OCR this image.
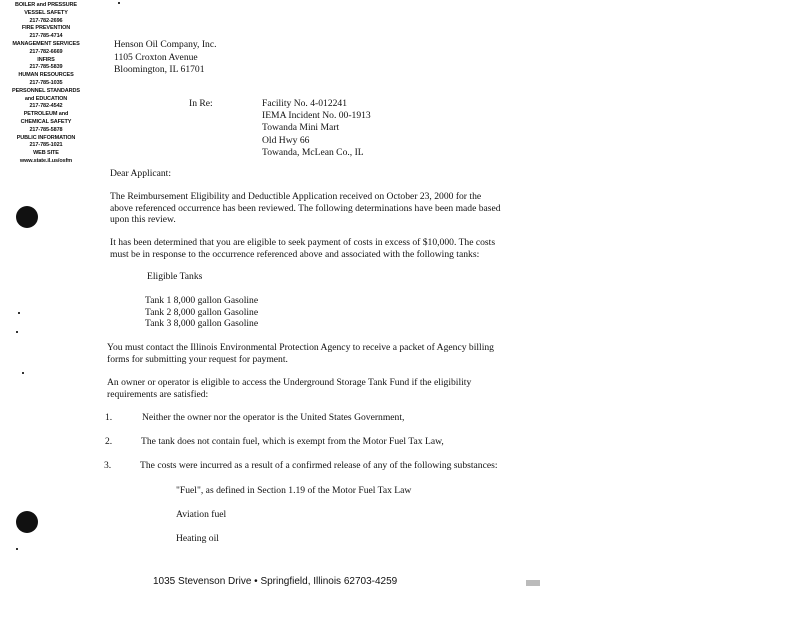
BOILER and PRESSURE
VESSEL SAFETY
217-782-2696
FIRE PREVENTION
217-785-4714
MANAGEMENT SERVICES
217-782-6669
INFIRS
217-785-5839
HUMAN RESOURCES
217-785-1035
PERSONNEL STANDARDS
and EDUCATION
217-782-4542
PETROLEUM and
CHEMICAL SAFETY
217-785-5878
PUBLIC INFORMATION
217-785-1021
WEB SITE
www.state.il.us/osfm
Henson Oil Company, Inc.
1105 Croxton Avenue
Bloomington, IL 61701
In Re:	Facility No. 4-012241
IEMA Incident No. 00-1913
Towanda Mini Mart
Old Hwy 66
Towanda, McLean Co., IL
Dear Applicant:
The Reimbursement Eligibility and Deductible Application received on October 23, 2000 for the
above referenced occurrence has been reviewed. The following determinations have been made based
upon this review.
It has been determined that you are eligible to seek payment of costs in excess of $10,000. The costs
must be in response to the occurrence referenced above and associated with the following tanks:
Eligible Tanks
Tank 1 8,000 gallon Gasoline
Tank 2 8,000 gallon Gasoline
Tank 3 8,000 gallon Gasoline
You must contact the Illinois Environmental Protection Agency to receive a packet of Agency billing
forms for submitting your request for payment.
An owner or operator is eligible to access the Underground Storage Tank Fund if the eligibility
requirements are satisfied:
1.	Neither the owner nor the operator is the United States Government,
2.	The tank does not contain fuel, which is exempt from the Motor Fuel Tax Law,
3.	The costs were incurred as a result of a confirmed release of any of the following substances:
"Fuel", as defined in Section 1.19 of the Motor Fuel Tax Law
Aviation fuel
Heating oil
1035 Stevenson Drive • Springfield, Illinois 62703-4259
